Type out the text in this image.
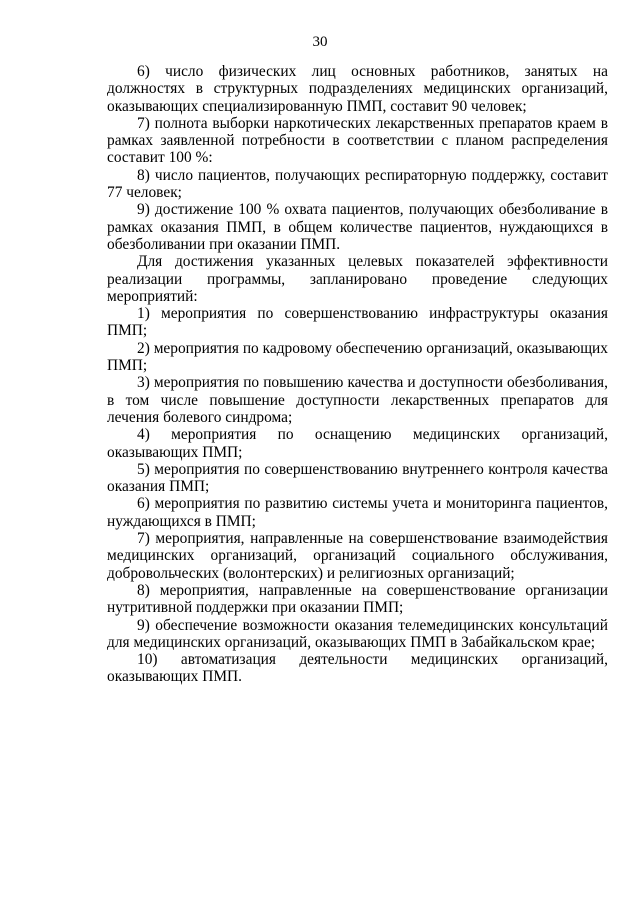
30

6) число физических лиц основных работников, занятых на должностях в структурных подразделениях медицинских организаций, оказывающих специализированную ПМП, составит 90 человек;

7) полнота выборки наркотических лекарственных препаратов краем в рамках заявленной потребности в соответствии с планом распределения составит 100 %:

8) число пациентов, получающих респираторную поддержку, составит 77 человек;

9) достижение 100 % охвата пациентов, получающих обезболивание в рамках оказания ПМП, в общем количестве пациентов, нуждающихся в обезболивании при оказании ПМП.

Для достижения указанных целевых показателей эффективности реализации программы, запланировано проведение следующих мероприятий:

1) мероприятия по совершенствованию инфраструктуры оказания ПМП;

2) мероприятия по кадровому обеспечению организаций, оказывающих ПМП;

3) мероприятия по повышению качества и доступности обезболивания, в том числе повышение доступности лекарственных препаратов для лечения болевого синдрома;

4) мероприятия по оснащению медицинских организаций, оказывающих ПМП;

5) мероприятия по совершенствованию внутреннего контроля качества оказания ПМП;

6) мероприятия по развитию системы учета и мониторинга пациентов, нуждающихся в ПМП;

7) мероприятия, направленные на совершенствование взаимодействия медицинских организаций, организаций социального обслуживания, добровольческих (волонтерских) и религиозных организаций;

8) мероприятия, направленные на совершенствование организации нутритивной поддержки при оказании ПМП;

9) обеспечение возможности оказания телемедицинских консультаций для медицинских организаций, оказывающих ПМП в Забайкальском крае;

10) автоматизация деятельности медицинских организаций, оказывающих ПМП.
